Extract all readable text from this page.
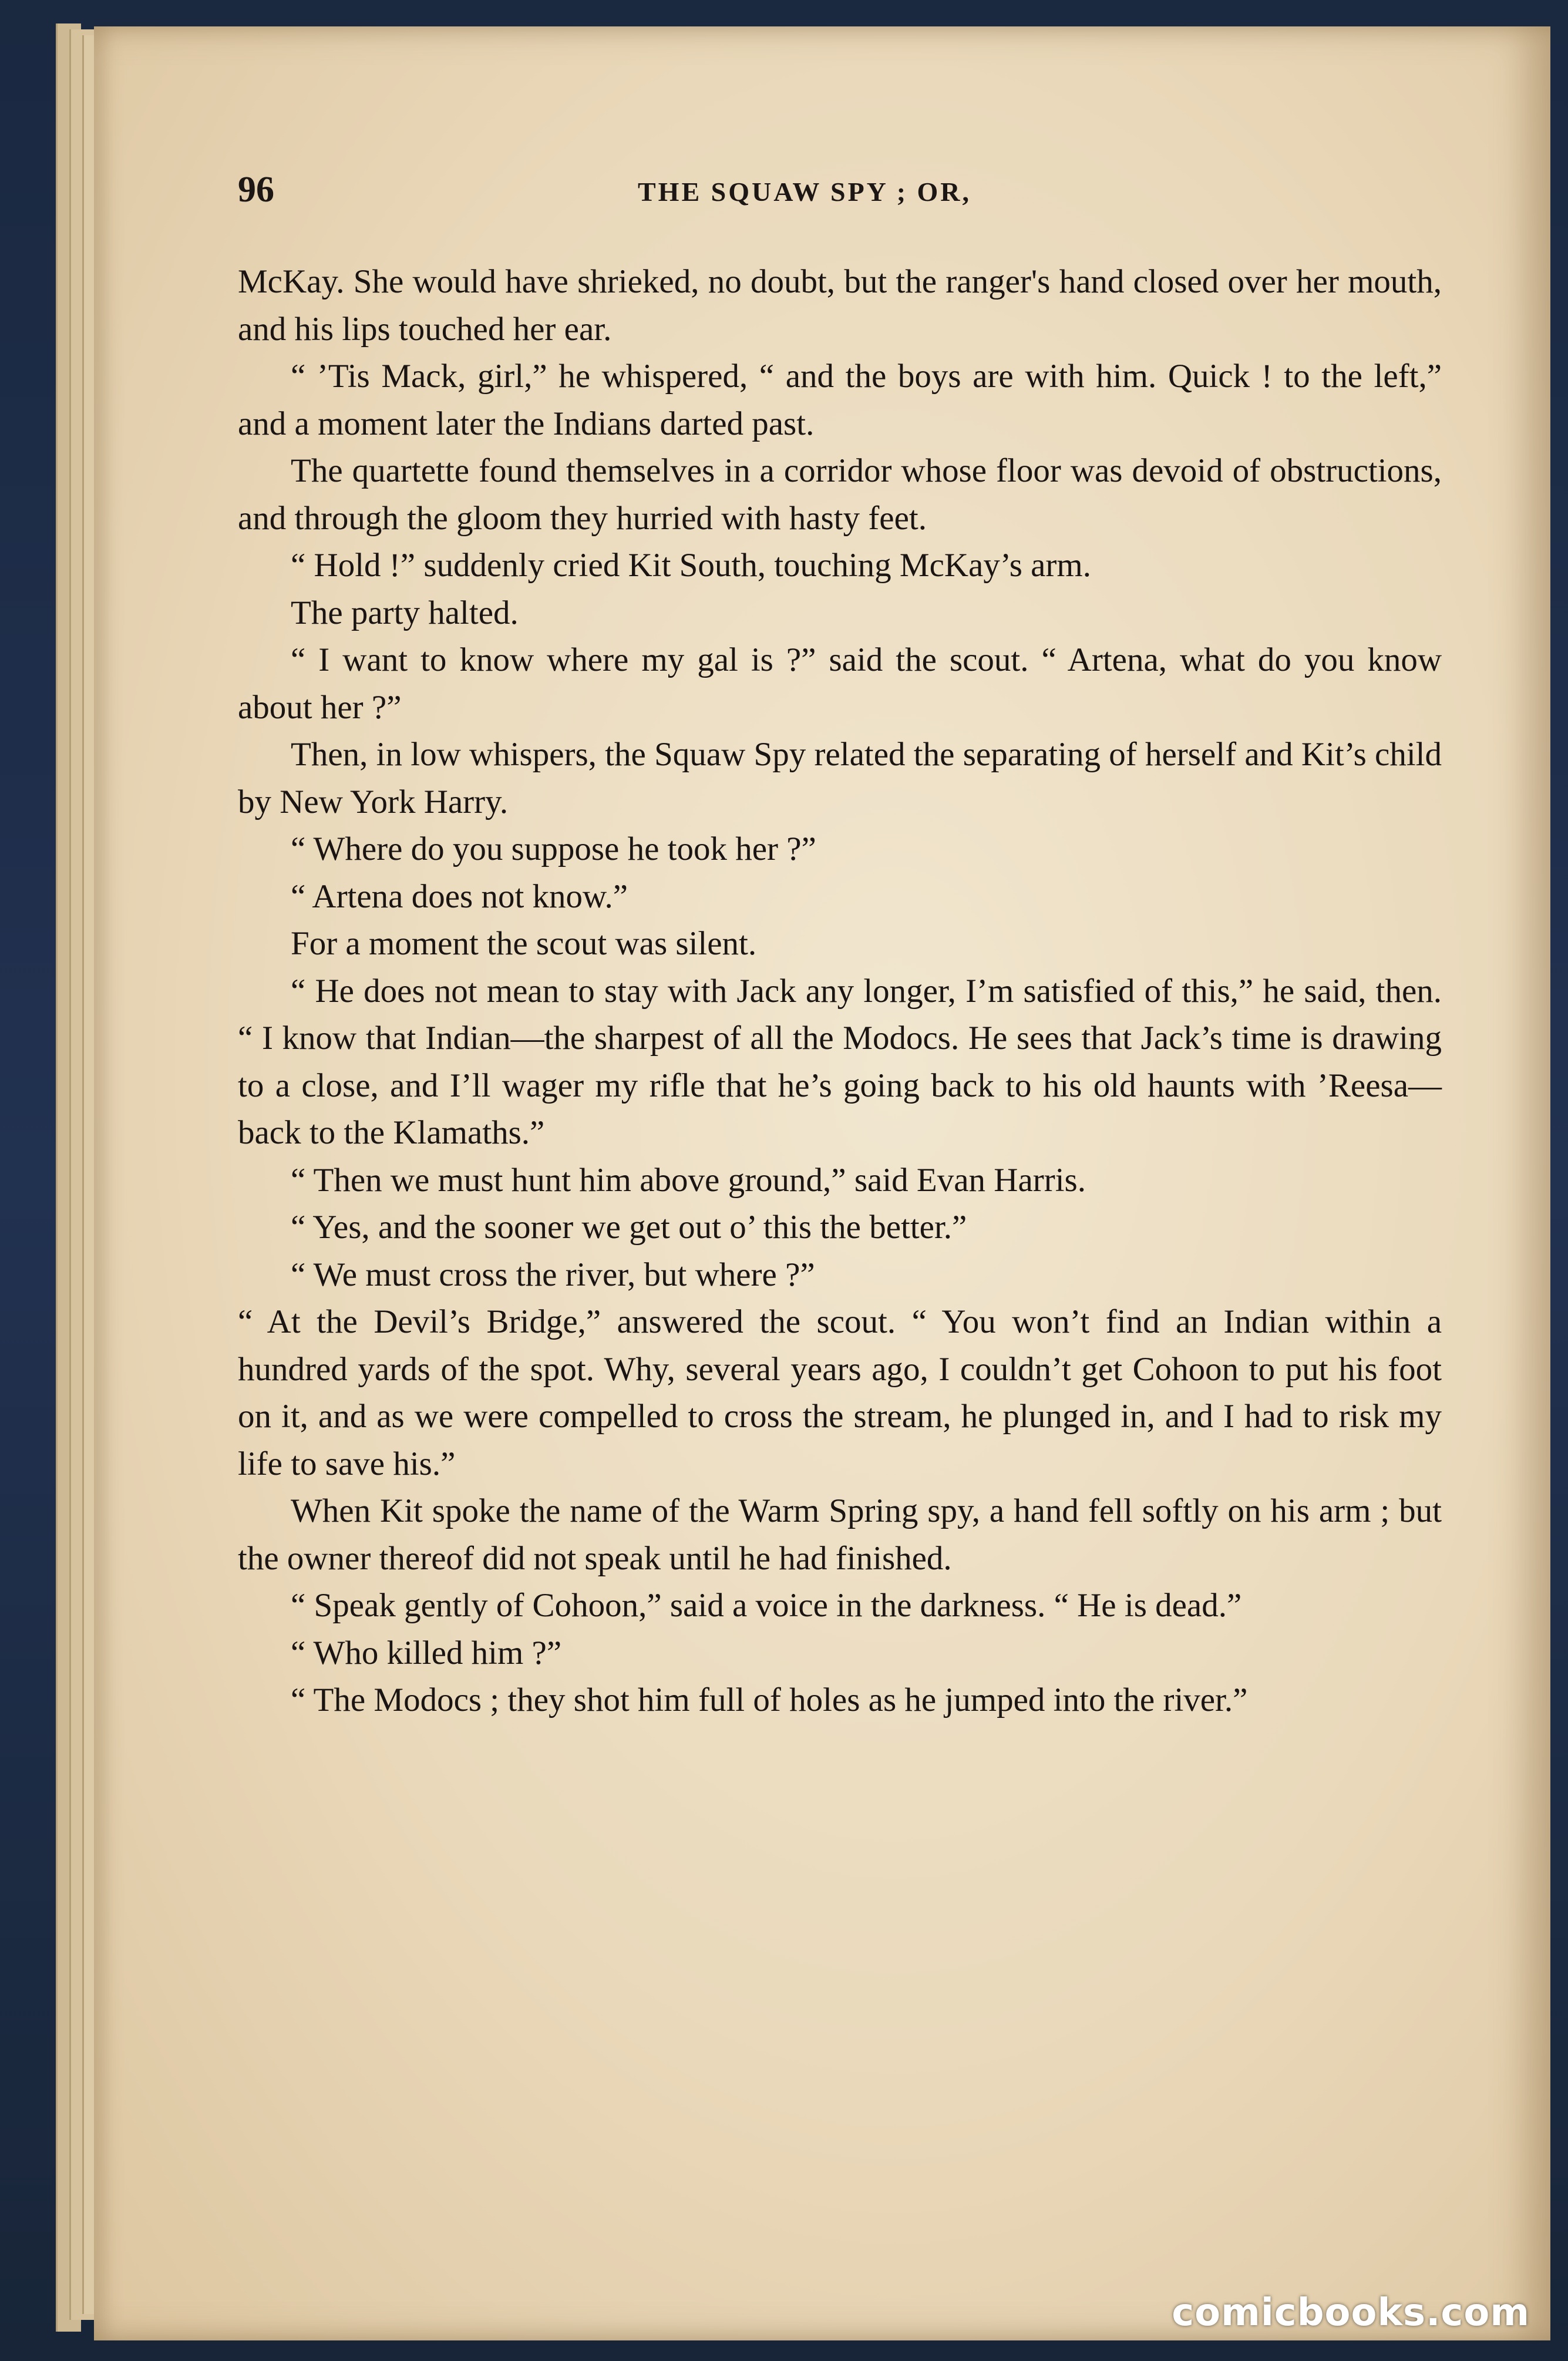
96	THE SQUAW SPY ; OR,

McKay. She would have shrieked, no doubt, but the ranger's hand closed over her mouth, and his lips touched her ear.

“ ’Tis Mack, girl,” he whispered, “ and the boys are with him. Quick ! to the left,” and a moment later the Indians darted past.

The quartette found themselves in a corridor whose floor was devoid of obstructions, and through the gloom they hurried with hasty feet.

“ Hold !” suddenly cried Kit South, touching McKay’s arm.

The party halted.

“ I want to know where my gal is ?” said the scout. “ Artena, what do you know about her ?”

Then, in low whispers, the Squaw Spy related the separating of herself and Kit’s child by New York Harry.

“ Where do you suppose he took her ?”

“ Artena does not know.”

For a moment the scout was silent.

“ He does not mean to stay with Jack any longer, I’m satisfied of this,” he said, then. “ I know that Indian—the sharpest of all the Modocs. He sees that Jack’s time is drawing to a close, and I’ll wager my rifle that he’s going back to his old haunts with ’Reesa—back to the Klamaths.”

“ Then we must hunt him above ground,” said Evan Harris.

“ Yes, and the sooner we get out o’ this the better.”

“ We must cross the river, but where ?”

“ At the Devil’s Bridge,” answered the scout. “ You won’t find an Indian within a hundred yards of the spot. Why, several years ago, I couldn’t get Cohoon to put his foot on it, and as we were compelled to cross the stream, he plunged in, and I had to risk my life to save his.”

When Kit spoke the name of the Warm Spring spy, a hand fell softly on his arm ; but the owner thereof did not speak until he had finished.

“ Speak gently of Cohoon,” said a voice in the darkness. “ He is dead.”

“ Who killed him ?”

“ The Modocs ; they shot him full of holes as he jumped into the river.”

comicbooks.com
